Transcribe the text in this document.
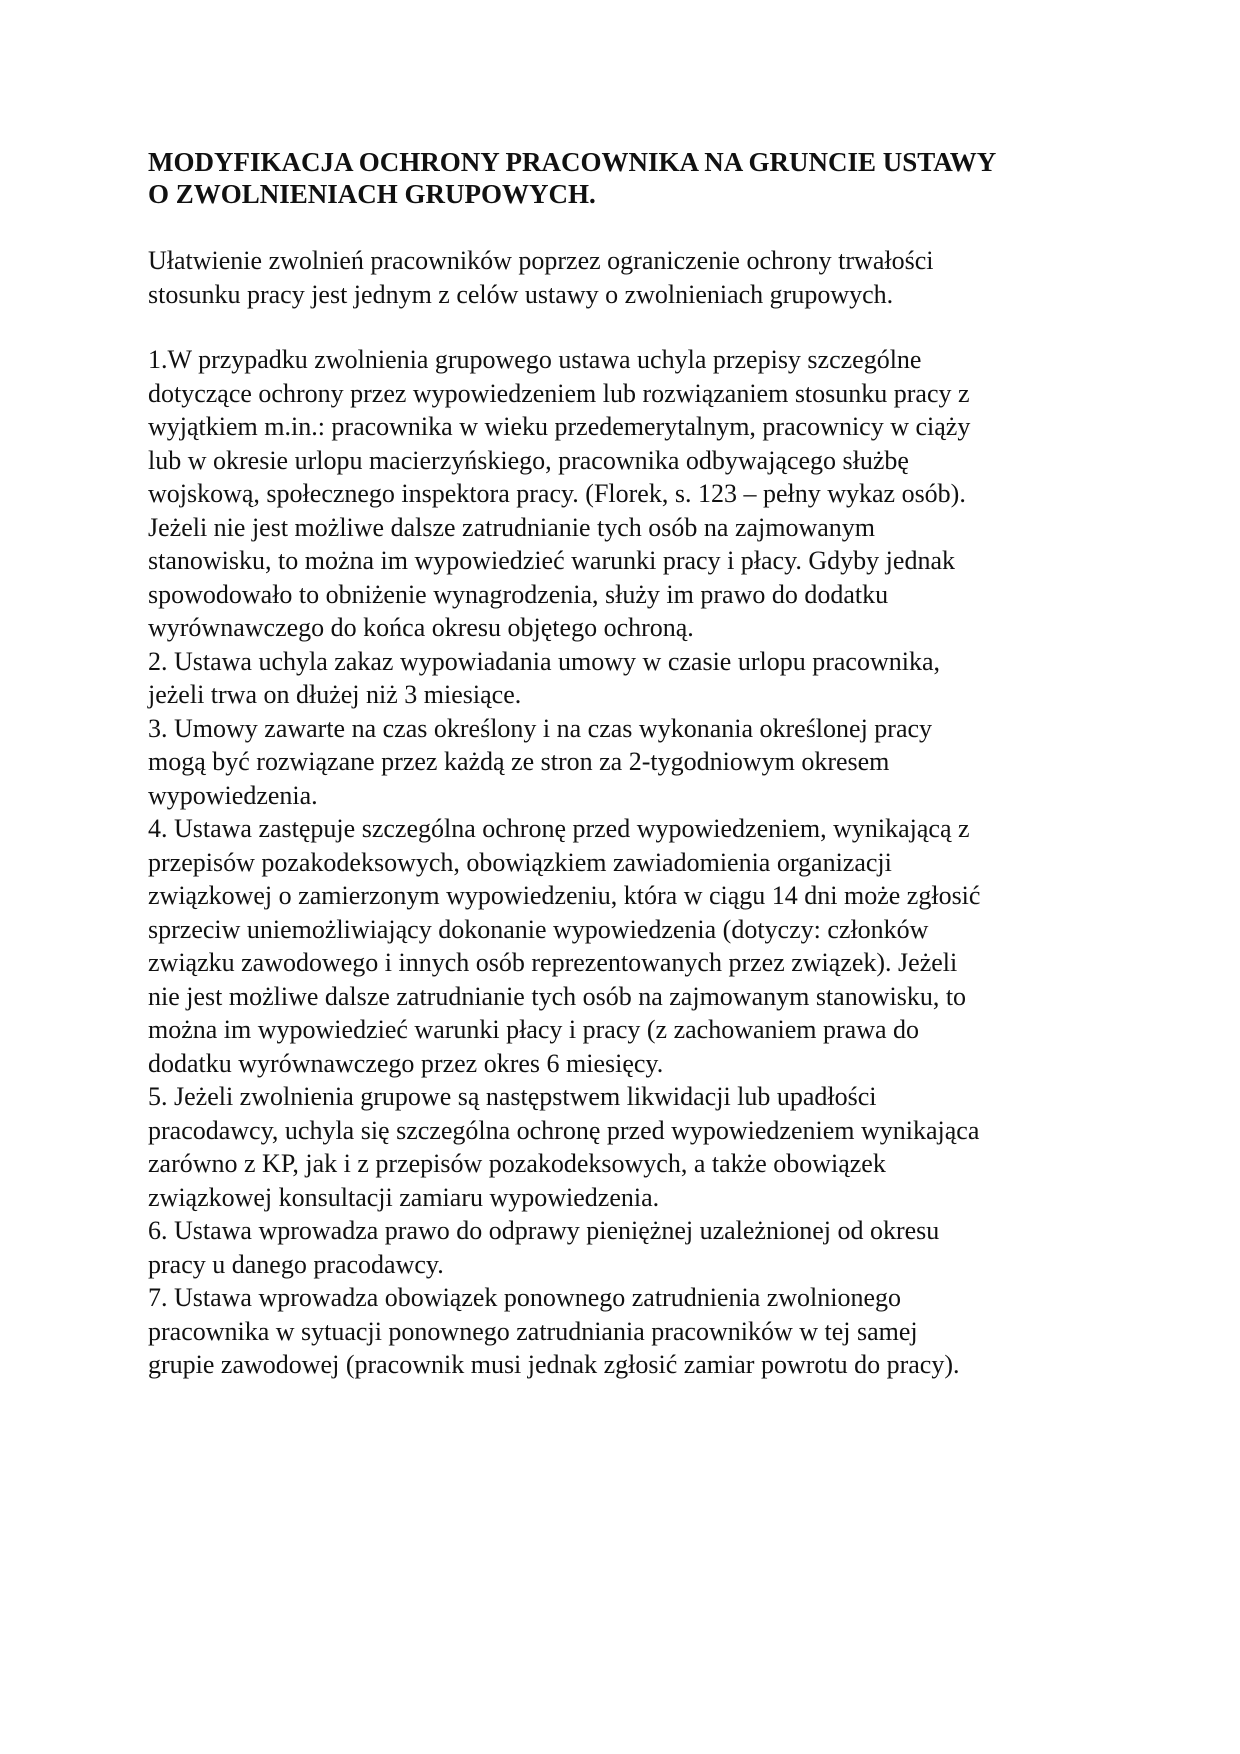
MODYFIKACJA OCHRONY PRACOWNIKA NA GRUNCIE USTAWY
O ZWOLNIENIACH GRUPOWYCH.
Ułatwienie zwolnień pracowników poprzez ograniczenie ochrony trwałości
stosunku pracy jest jednym z celów ustawy o zwolnieniach grupowych.
1.W przypadku zwolnienia grupowego ustawa uchyla przepisy szczególne
dotyczące ochrony przez wypowiedzeniem lub rozwiązaniem stosunku pracy z
wyjątkiem m.in.: pracownika w wieku przedemerytalnym, pracownicy w ciąży
lub w okresie urlopu macierzyńskiego, pracownika odbywającego służbę
wojskową, społecznego inspektora pracy. (Florek, s. 123 – pełny wykaz osób).
Jeżeli nie jest możliwe dalsze zatrudnianie tych osób na zajmowanym
stanowisku, to można im wypowiedzieć warunki pracy i płacy. Gdyby jednak
spowodowało to obniżenie wynagrodzenia, służy im prawo do dodatku
wyrównawczego do końca okresu objętego ochroną.
2. Ustawa uchyla zakaz wypowiadania umowy w czasie urlopu pracownika,
jeżeli trwa on dłużej niż 3 miesiące.
3. Umowy zawarte na czas określony i na czas wykonania określonej pracy
mogą być rozwiązane przez każdą ze stron za 2-tygodniowym okresem
wypowiedzenia.
4. Ustawa zastępuje szczególna ochronę przed wypowiedzeniem, wynikającą z
przepisów pozakodeksowych, obowiązkiem zawiadomienia organizacji
związkowej o zamierzonym wypowiedzeniu, która w ciągu 14 dni może zgłosić
sprzeciw uniemożliwiający dokonanie wypowiedzenia (dotyczy: członków
związku zawodowego i innych osób reprezentowanych przez związek). Jeżeli
nie jest możliwe dalsze zatrudnianie tych osób na zajmowanym stanowisku, to
można im wypowiedzieć warunki płacy i pracy (z zachowaniem prawa do
dodatku wyrównawczego przez okres 6 miesięcy.
5. Jeżeli zwolnienia grupowe są następstwem likwidacji lub upadłości
pracodawcy, uchyla się szczególna ochronę przed wypowiedzeniem wynikająca
zarówno z KP, jak i z przepisów pozakodeksowych, a także obowiązek
związkowej konsultacji zamiaru wypowiedzenia.
6. Ustawa wprowadza prawo do odprawy pieniężnej uzależnionej od okresu
pracy u danego pracodawcy.
7. Ustawa wprowadza obowiązek ponownego zatrudnienia zwolnionego
pracownika w sytuacji ponownego zatrudniania pracowników w tej samej
grupie zawodowej (pracownik musi jednak zgłosić zamiar powrotu do pracy).
